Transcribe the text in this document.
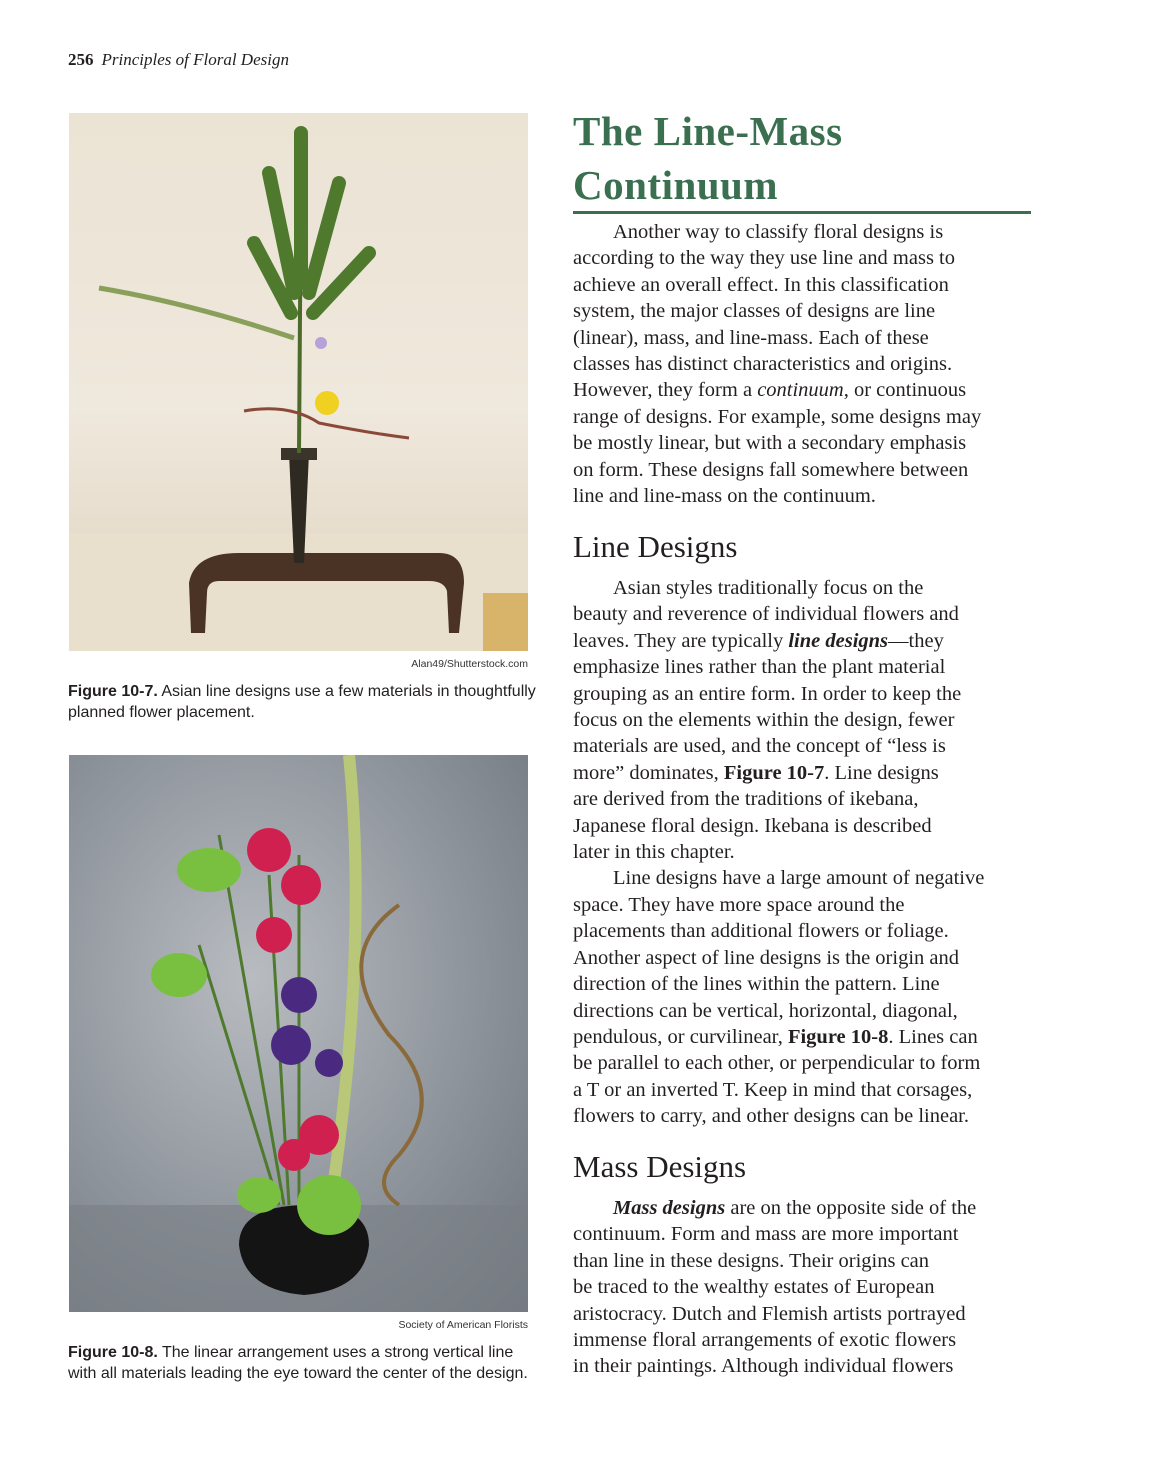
256 Principles of Floral Design
Alan49/Shutterstock.com
Figure 10-7. Asian line designs use a few materials in thoughtfully planned flower placement.
Society of American Florists
Figure 10-8. The linear arrangement uses a strong vertical line with all materials leading the eye toward the center of the design.
The Line-Mass
Continuum
Another way to classify floral designs is
according to the way they use line and mass to
achieve an overall effect. In this classification
system, the major classes of designs are line
(linear), mass, and line-mass. Each of these
classes has distinct characteristics and origins.
However, they form a continuum, or continuous
range of designs. For example, some designs may
be mostly linear, but with a secondary emphasis
on form. These designs fall somewhere between
line and line-mass on the continuum.
Line Designs
Asian styles traditionally focus on the
beauty and reverence of individual flowers and
leaves. They are typically line designs—they
emphasize lines rather than the plant material
grouping as an entire form. In order to keep the
focus on the elements within the design, fewer
materials are used, and the concept of “less is
more” dominates, Figure 10-7. Line designs
are derived from the traditions of ikebana,
Japanese floral design. Ikebana is described
later in this chapter.
Line designs have a large amount of negative
space. They have more space around the
placements than additional flowers or foliage.
Another aspect of line designs is the origin and
direction of the lines within the pattern. Line
directions can be vertical, horizontal, diagonal,
pendulous, or curvilinear, Figure 10-8. Lines can
be parallel to each other, or perpendicular to form
a T or an inverted T. Keep in mind that corsages,
flowers to carry, and other designs can be linear.
Mass Designs
Mass designs are on the opposite side of the
continuum. Form and mass are more important
than line in these designs. Their origins can
be traced to the wealthy estates of European
aristocracy. Dutch and Flemish artists portrayed
immense floral arrangements of exotic flowers
in their paintings. Although individual flowers
